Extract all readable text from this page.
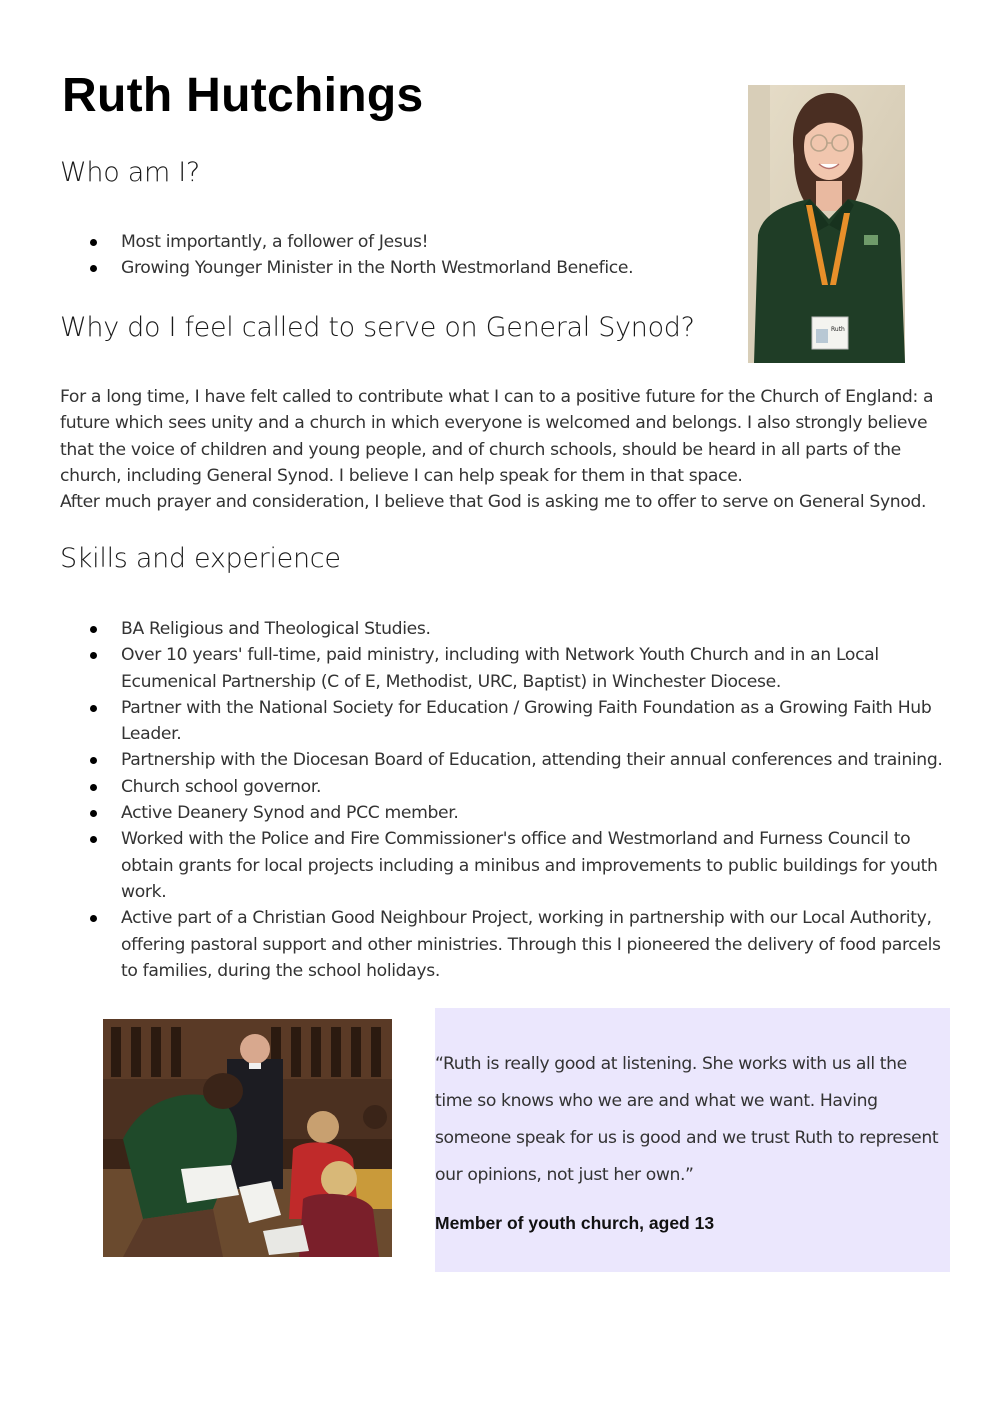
Ruth Hutchings
Who am I?
Most importantly, a follower of Jesus!
Growing Younger Minister in the North Westmorland Benefice.
Why do I feel called to serve on General Synod?

For a long time, I have felt called to contribute what I can to a positive future for the Church of England: a future which sees unity and a church in which everyone is welcomed and belongs. I also strongly believe that the voice of children and young people, and of church schools, should be heard in all parts of the church, including General Synod. I believe I can help speak for them in that space.

After much prayer and consideration, I believe that God is asking me to offer to serve on General Synod.

Skills and experience
BA Religious and Theological Studies.
Over 10 years' full-time, paid ministry, including with Network Youth Church and in an Local Ecumenical Partnership (C of E, Methodist, URC, Baptist) in Winchester Diocese.
Partner with the National Society for Education / Growing Faith Foundation as a Growing Faith Hub Leader.
Partnership with the Diocesan Board of Education, attending their annual conferences and training.
Church school governor.
Active Deanery Synod and PCC member.
Worked with the Police and Fire Commissioner's office and Westmorland and Furness Council to obtain grants for local projects including a minibus and improvements to public buildings for youth work.
Active part of a Christian Good Neighbour Project, working in partnership with our Local Authority, offering pastoral support and other ministries. Through this I pioneered the delivery of food parcels to families, during the school holidays.
Ruth

“Ruth is really good at listening. She works with us all the time so knows who we are and what we want. Having someone speak for us is good and we trust Ruth to represent our opinions, not just her own.”

Member of youth church, aged 13
